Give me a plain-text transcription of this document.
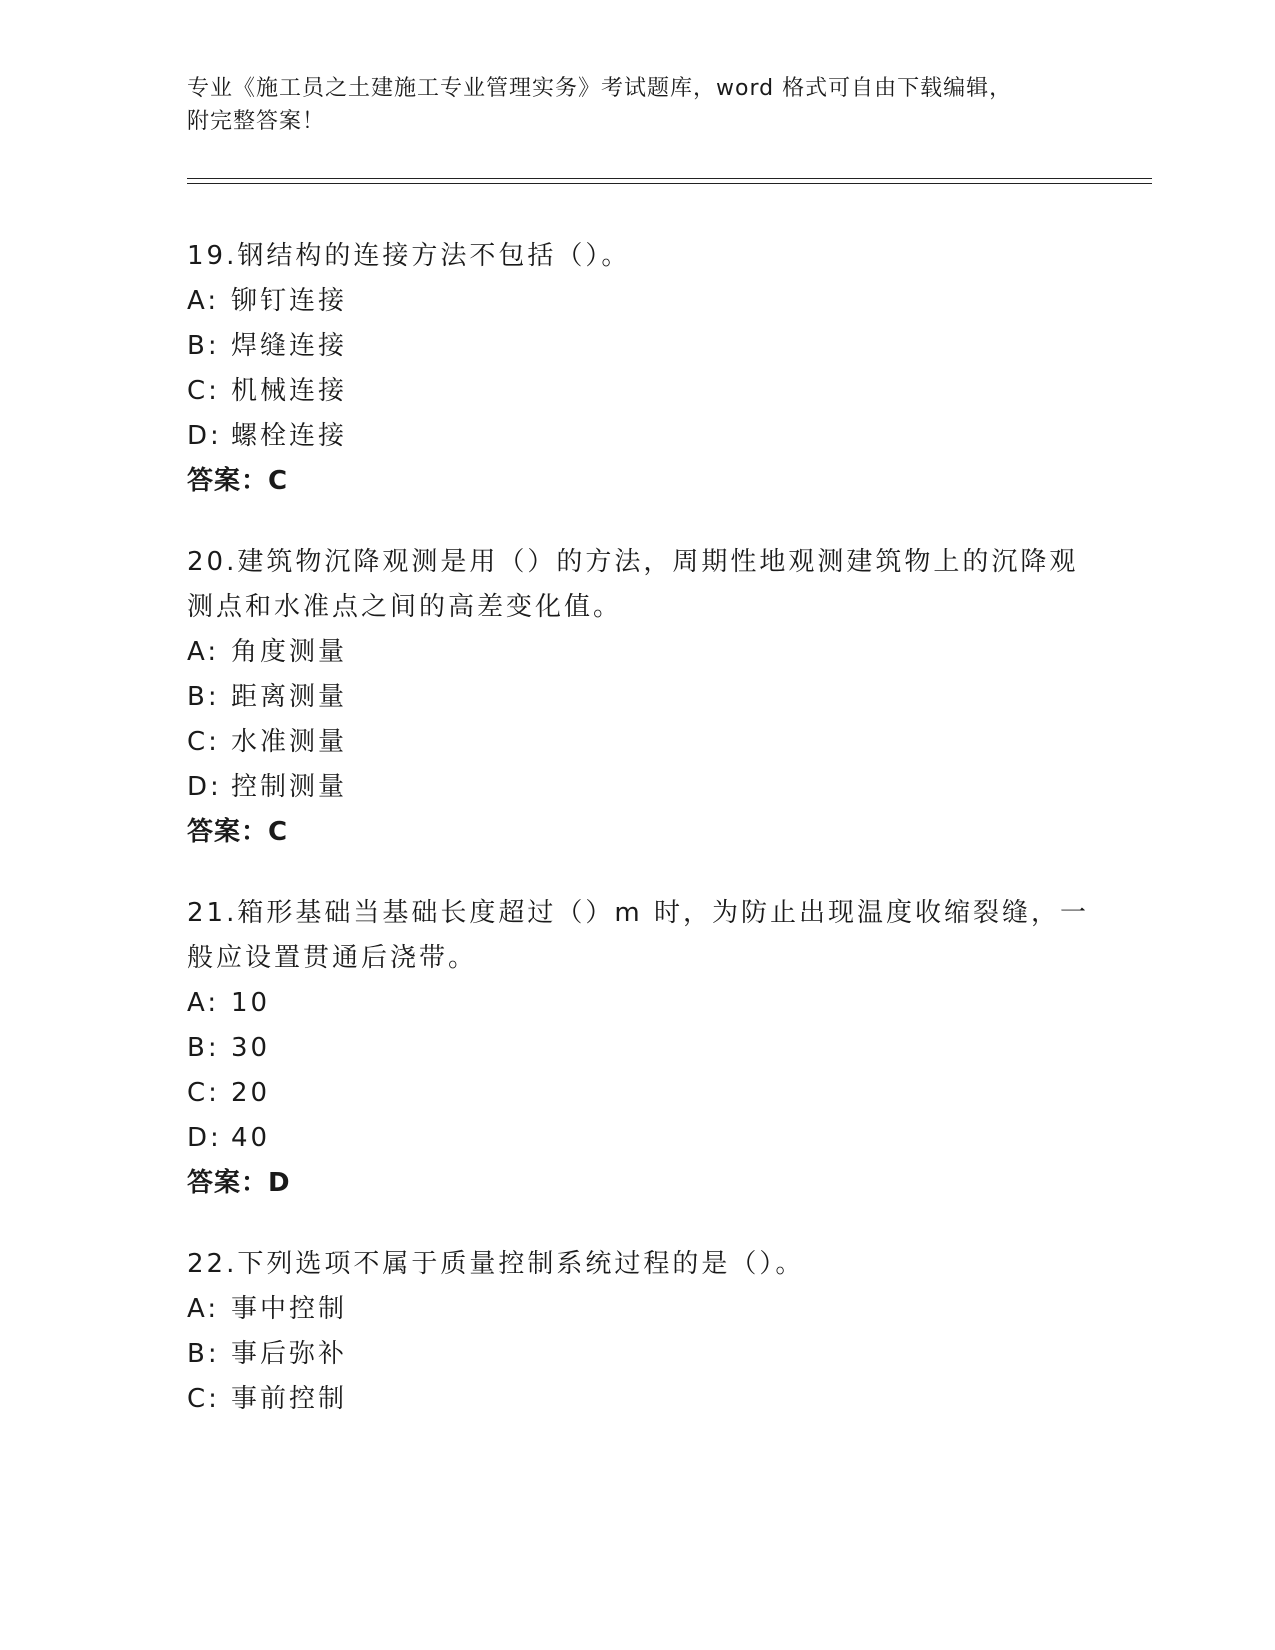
专业《施工员之土建施工专业管理实务》考试题库，word 格式可自由下载编辑，
附完整答案！

19.钢结构的连接方法不包括（）。

A: 铆钉连接
B: 焊缝连接
C: 机械连接
D: 螺栓连接
答案：C

20.建筑物沉降观测是用（）的方法，周期性地观测建筑物上的沉降观测点和水准点之间的高差变化值。

A: 角度测量
B: 距离测量
C: 水准测量
D: 控制测量
答案：C

21.箱形基础当基础长度超过（）m 时，为防止出现温度收缩裂缝，一般应设置贯通后浇带。

A: 10
B: 30
C: 20
D: 40
答案：D

22.下列选项不属于质量控制系统过程的是（）。

A: 事中控制
B: 事后弥补
C: 事前控制
